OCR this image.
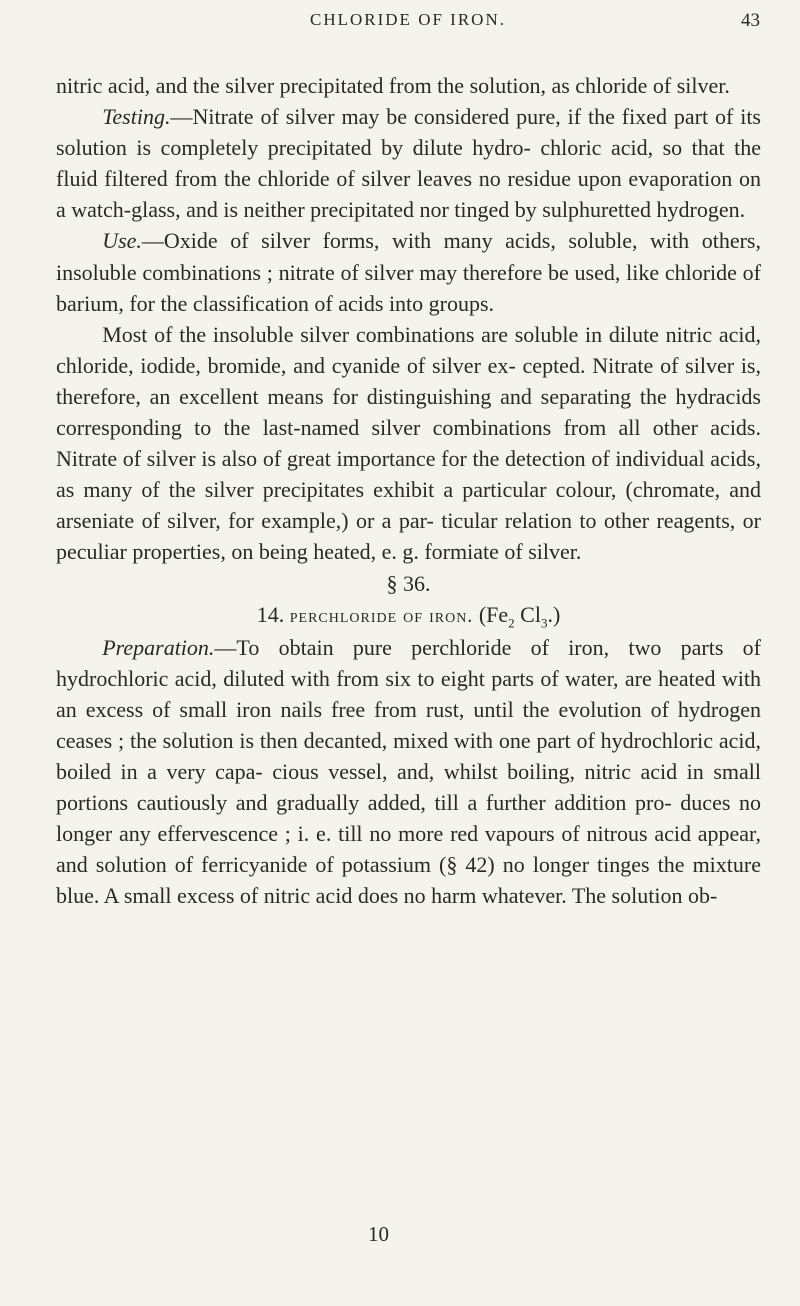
CHLORIDE OF IRON.	43

nitric acid, and the silver precipitated from the solution, as chloride of silver.

Testing.—Nitrate of silver may be considered pure, if the fixed part of its solution is completely precipitated by dilute hydro- chloric acid, so that the fluid filtered from the chloride of silver leaves no residue upon evaporation on a watch-glass, and is neither precipitated nor tinged by sulphuretted hydrogen.

Use.—Oxide of silver forms, with many acids, soluble, with others, insoluble combinations ; nitrate of silver may therefore be used, like chloride of barium, for the classification of acids into groups.

Most of the insoluble silver combinations are soluble in dilute nitric acid, chloride, iodide, bromide, and cyanide of silver ex- cepted. Nitrate of silver is, therefore, an excellent means for distinguishing and separating the hydracids corresponding to the last-named silver combinations from all other acids. Nitrate of silver is also of great importance for the detection of individual acids, as many of the silver precipitates exhibit a particular colour, (chromate, and arseniate of silver, for example,) or a par- ticular relation to other reagents, or peculiar properties, on being heated, e. g. formiate of silver.

§ 36.

14. perchloride of iron. ($Fe_2$ $Cl_3$.)

Preparation.—To obtain pure perchloride of iron, two parts of hydrochloric acid, diluted with from six to eight parts of water, are heated with an excess of small iron nails free from rust, until the evolution of hydrogen ceases ; the solution is then decanted, mixed with one part of hydrochloric acid, boiled in a very capa- cious vessel, and, whilst boiling, nitric acid in small portions cautiously and gradually added, till a further addition pro- duces no longer any effervescence ; i. e. till no more red vapours of nitrous acid appear, and solution of ferricyanide of potassium (§ 42) no longer tinges the mixture blue. A small excess of nitric acid does no harm whatever. The solution ob-

10
